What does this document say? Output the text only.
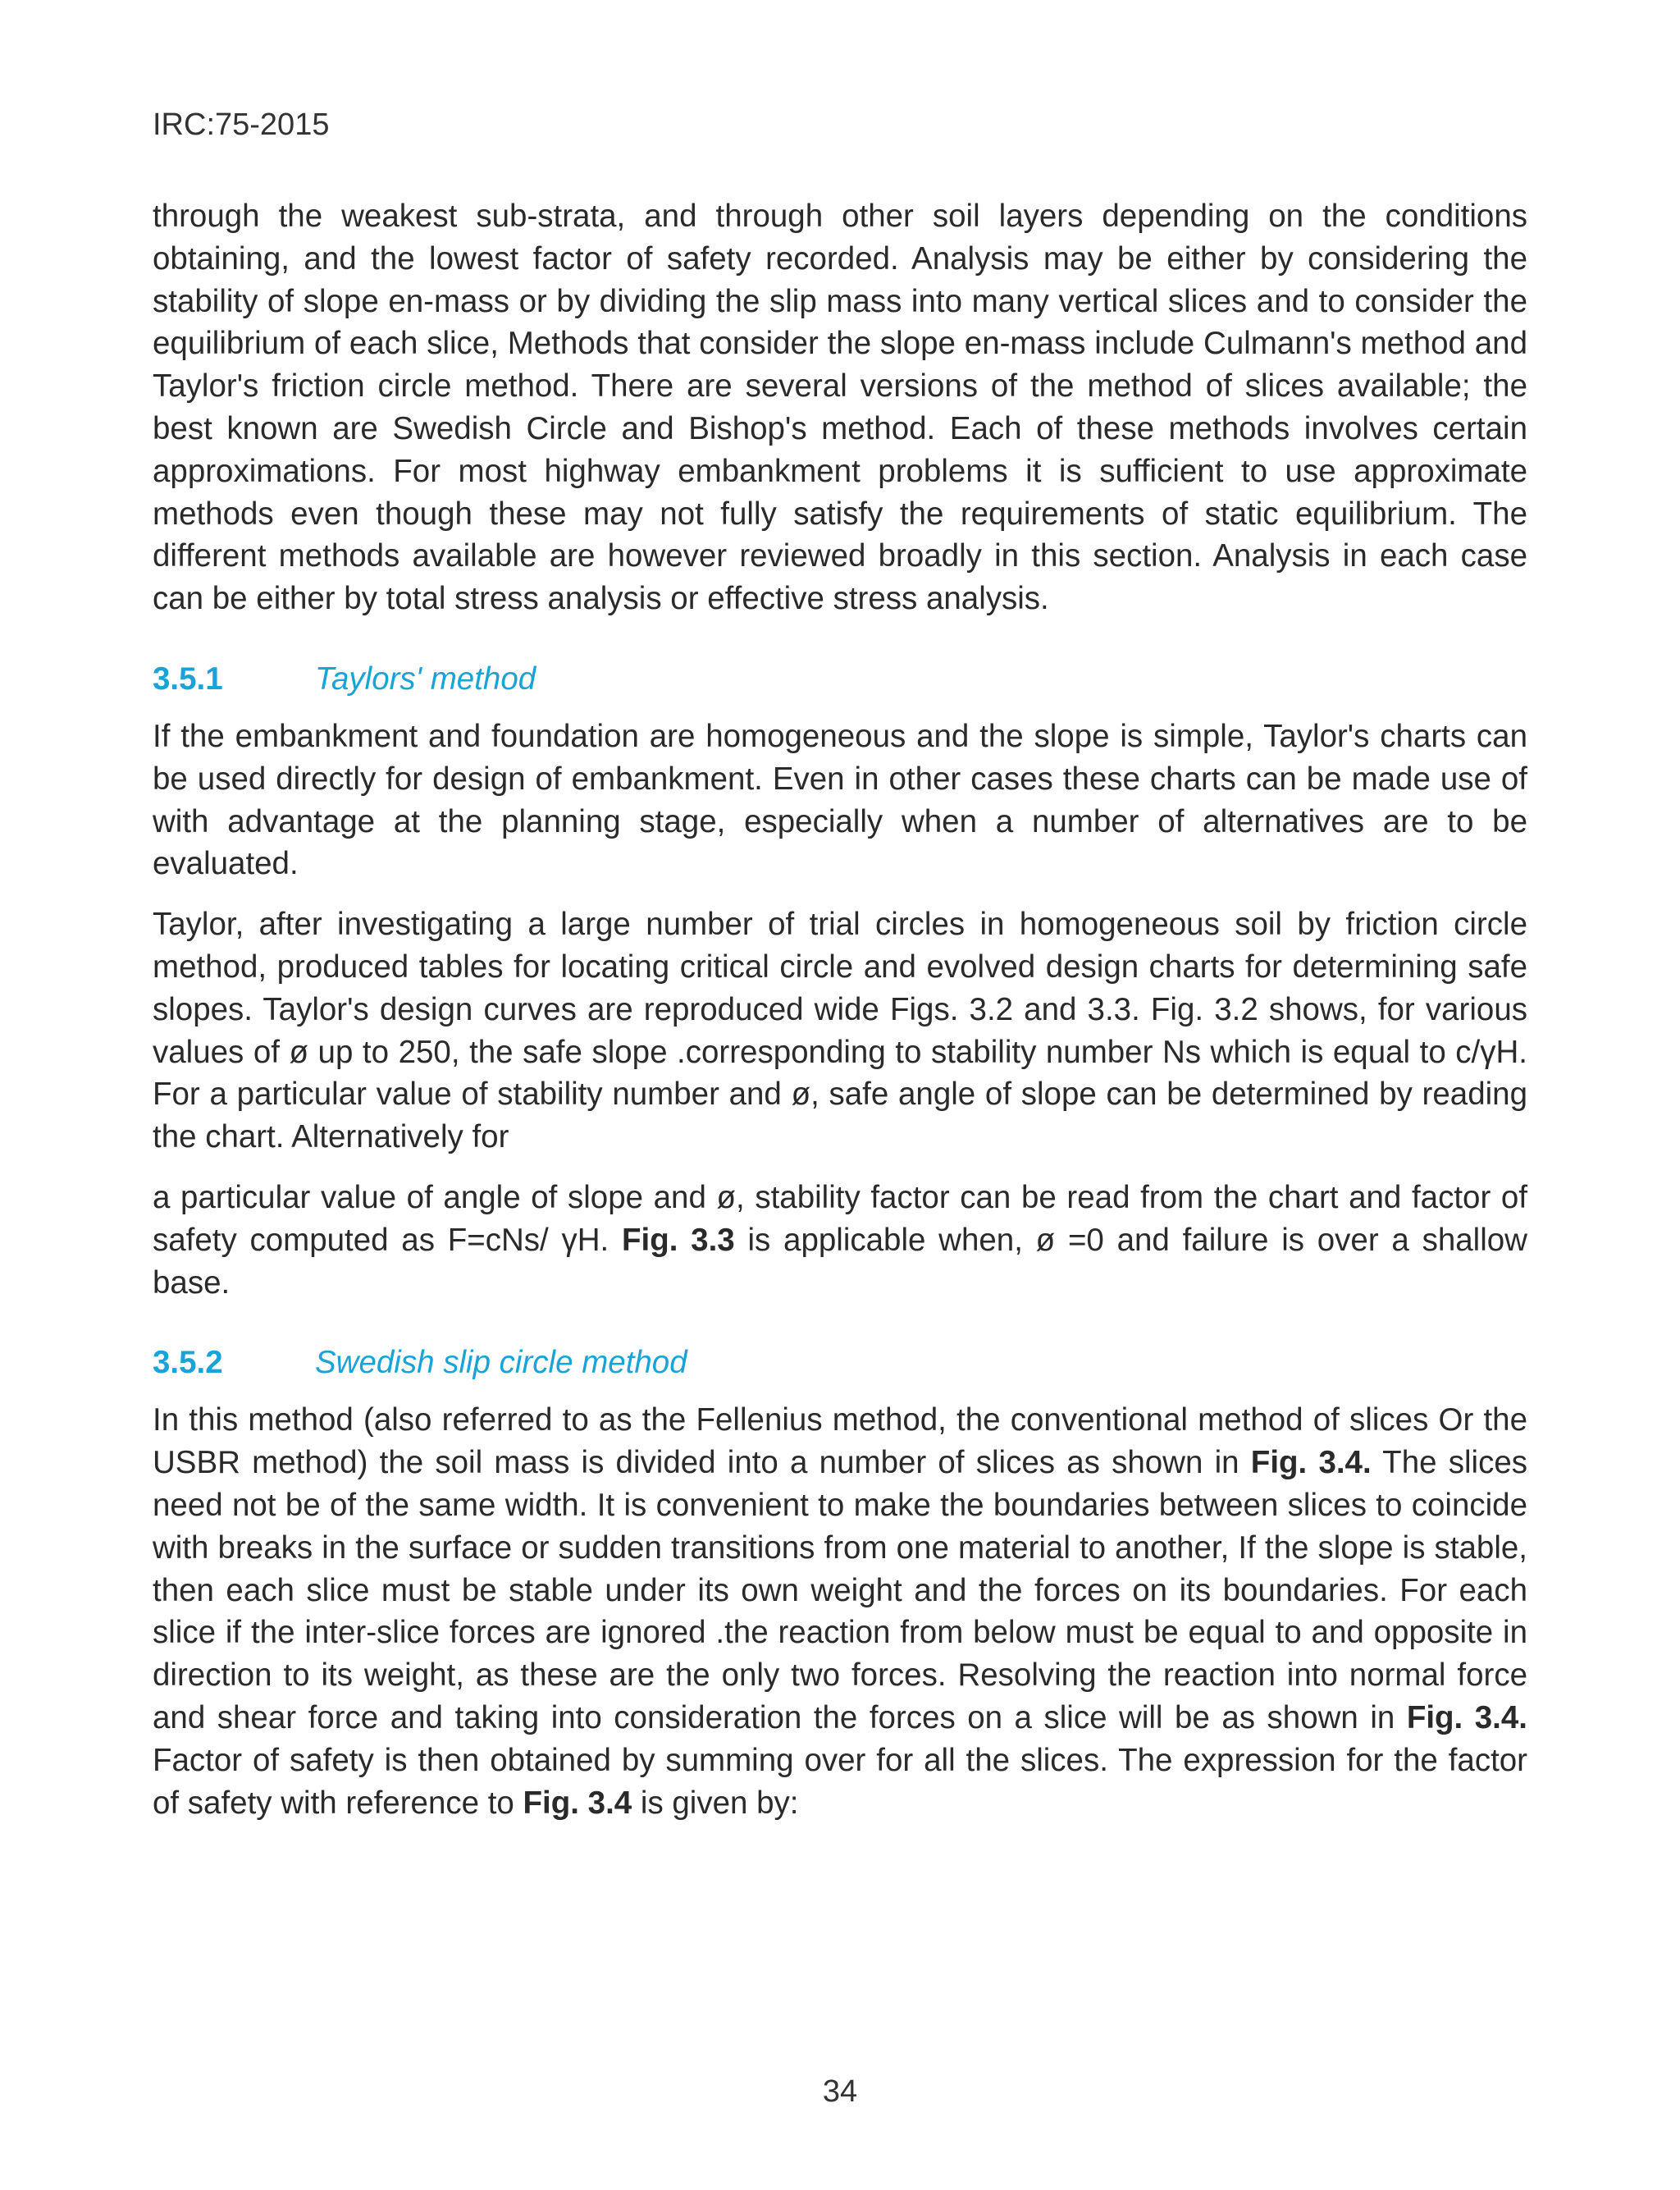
IRC:75-2015

through the weakest sub-strata, and through other soil layers depending on the conditions obtaining, and the lowest factor of safety recorded. Analysis may be either by considering the stability of slope en-mass or by dividing the slip mass into many vertical slices and to consider the equilibrium of each slice, Methods that consider the slope en-mass include Culmann's method and Taylor's friction circle method. There are several versions of the method of slices available; the best known are Swedish Circle and Bishop's method. Each of these methods involves certain approximations. For most highway embankment problems it is sufficient to use approximate methods even though these may not fully satisfy the requirements of static equilibrium. The different methods available are however reviewed broadly in this section. Analysis in each case can be either by total stress analysis or effective stress analysis.

3.5.1	Taylors' method

If the embankment and foundation are homogeneous and the slope is simple, Taylor's charts can be used directly for design of embankment. Even in other cases these charts can be made use of with advantage at the planning stage, especially when a number of alternatives are to be evaluated.

Taylor, after investigating a large number of trial circles in homogeneous soil by friction circle method, produced tables for locating critical circle and evolved design charts for determining safe slopes. Taylor's design curves are reproduced wide Figs. 3.2 and 3.3. Fig. 3.2 shows, for various values of ø up to 250, the safe slope .corresponding to stability number Ns which is equal to c/γH. For a particular value of stability number and ø, safe angle of slope can be determined by reading the chart. Alternatively for

a particular value of angle of slope and ø, stability factor can be read from the chart and factor of safety computed as F=cNs/ γH. Fig. 3.3 is applicable when, ø =0 and failure is over a shallow base.

3.5.2	Swedish slip circle method

In this method (also referred to as the Fellenius method, the conventional method of slices Or the USBR method) the soil mass is divided into a number of slices as shown in Fig. 3.4. The slices need not be of the same width. It is convenient to make the boundaries between slices to coincide with breaks in the surface or sudden transitions from one material to another, If the slope is stable, then each slice must be stable under its own weight and the forces on its boundaries. For each slice if the inter-slice forces are ignored .the reaction from below must be equal to and opposite in direction to its weight, as these are the only two forces. Resolving the reaction into normal force and shear force and taking into consideration the forces on a slice will be as shown in Fig. 3.4. Factor of safety is then obtained by summing over for all the slices. The expression for the factor of safety with reference to Fig. 3.4 is given by:

34
